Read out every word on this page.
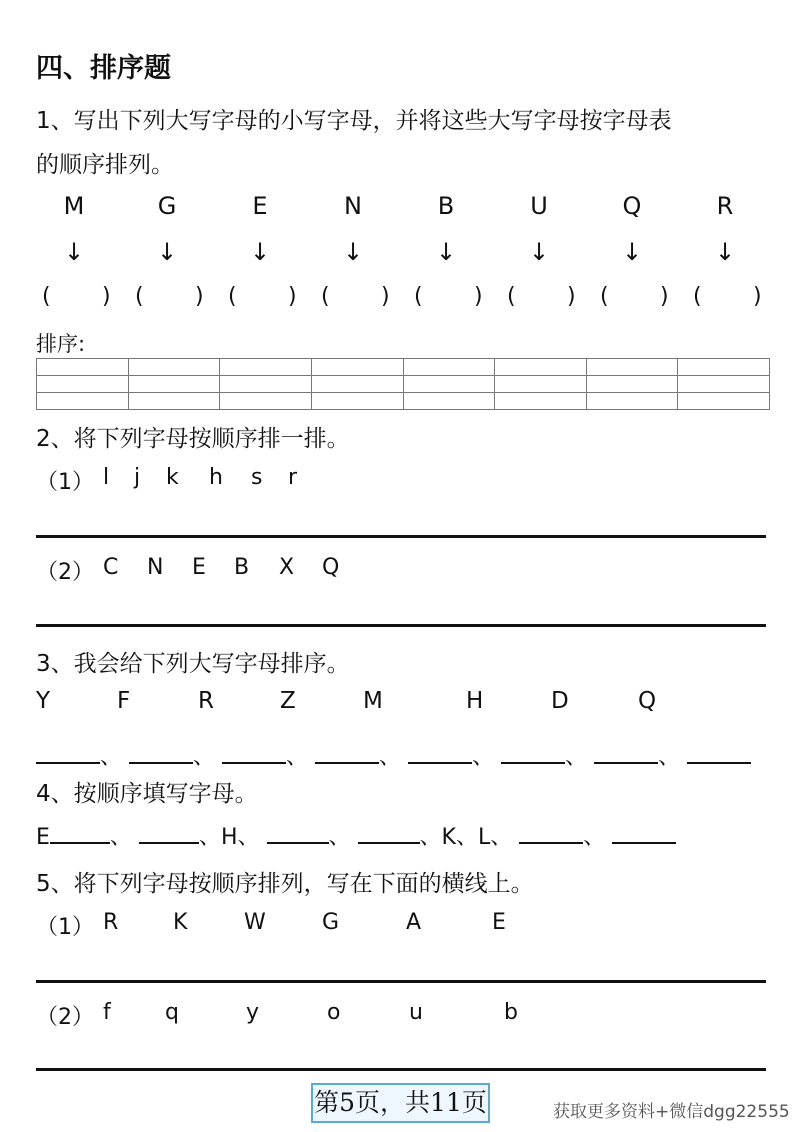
四、排序题
1、写出下列大写字母的小写字母，并将这些大写字母按字母表
的顺序排列。
M	G	E	N	B	U	Q	R
↓	↓	↓	↓	↓	↓	↓	↓
( ) ( ) ( ) ( ) ( ) ( ) ( ) ( )
排序:

2、将下列字母按顺序排一排。
（1） l j k h s r
（2） C N E B X Q
3、我会给下列大写字母排序。
Y	F	R	Z	M	H	D	Q
、	、	、	、	、	、	、
4、按顺序填写字母。
E	、	、H、	、	、K、L、	、
5、将下列字母按顺序排列，写在下面的横线上。
（1） R K	W	G	A	E
（2） f q	y	o	u	b
第5页，共11页	获取更多资料+微信dgg22555
